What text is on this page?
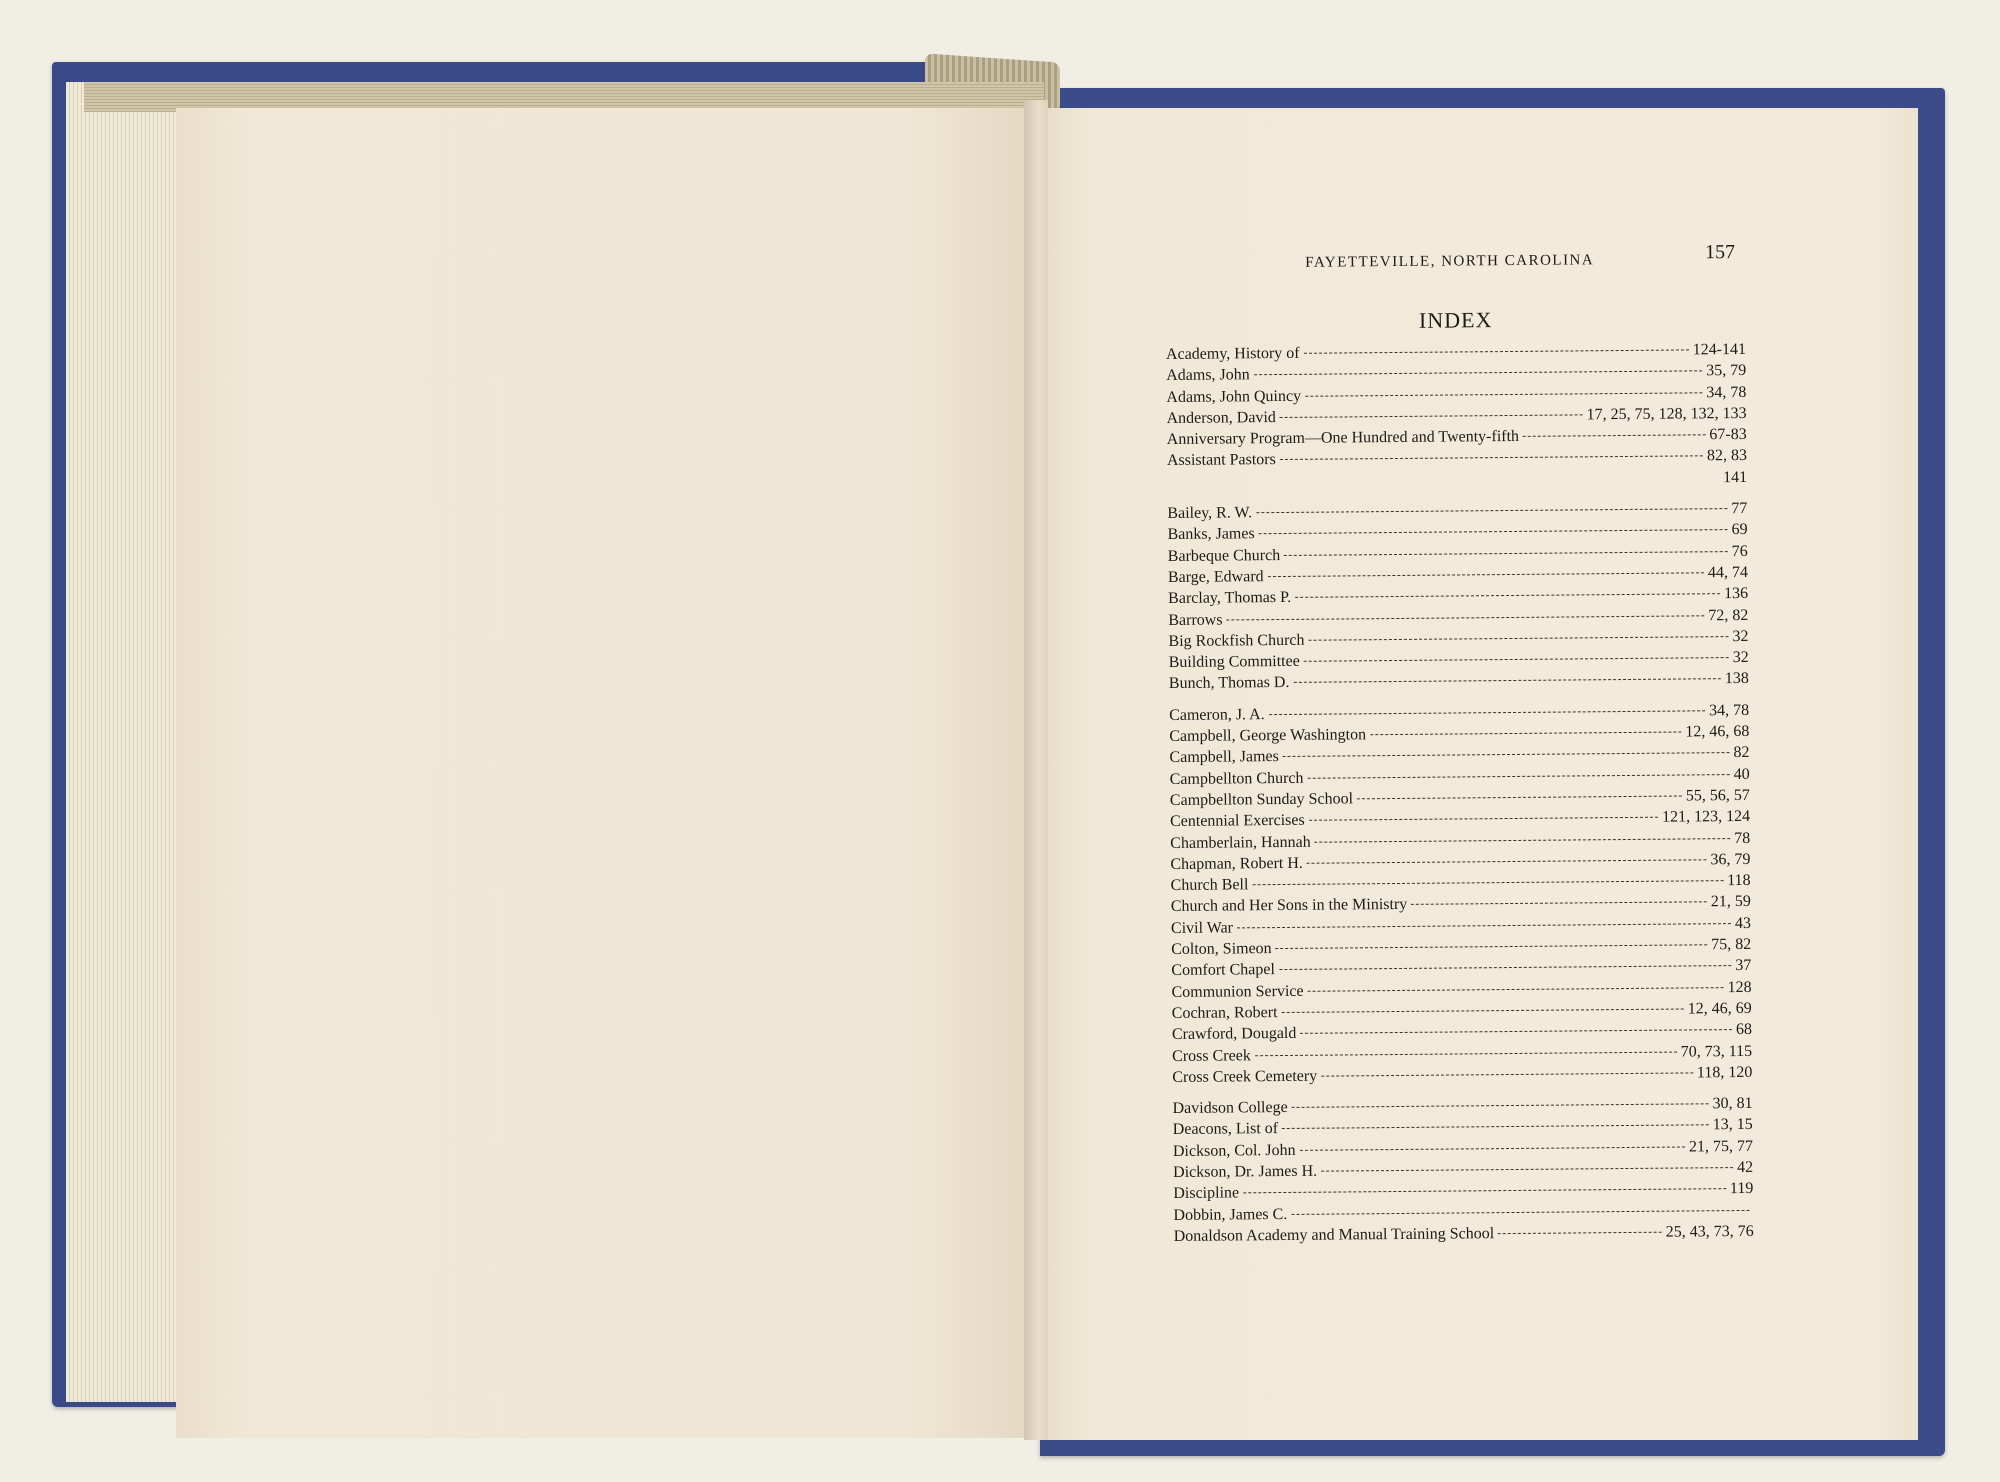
FAYETTEVILLE, NORTH CAROLINA	157
INDEX
Academy, History of	124-141
Adams, John	35, 79
Adams, John Quincy	34, 78
Anderson, David	17, 25, 75, 128, 132, 133
Anniversary Program—One Hundred and Twenty-fifth	67-83
Assistant Pastors	82, 83
141
Bailey, R. W.	77
Banks, James	69
Barbeque Church	76
Barge, Edward	44, 74
Barclay, Thomas P.	136
Barrows	72, 82
Big Rockfish Church	32
Building Committee	32
Bunch, Thomas D.	138
Cameron, J. A.	34, 78
Campbell, George Washington	12, 46, 68
Campbell, James	82
Campbellton Church	40
Campbellton Sunday School	55, 56, 57
Centennial Exercises	121, 123, 124
Chamberlain, Hannah	78
Chapman, Robert H.	36, 79
Church Bell	118
Church and Her Sons in the Ministry	21, 59
Civil War	43
Colton, Simeon	75, 82
Comfort Chapel	37
Communion Service	128
Cochran, Robert	12, 46, 69
Crawford, Dougald	68
Cross Creek	70, 73, 115
Cross Creek Cemetery	118, 120
Davidson College	30, 81
Deacons, List of	13, 15
Dickson, Col. John	21, 75, 77
Dickson, Dr. James H.	42
Discipline	119
Dobbin, James C.
Donaldson Academy and Manual Training School	25, 43, 73, 76
